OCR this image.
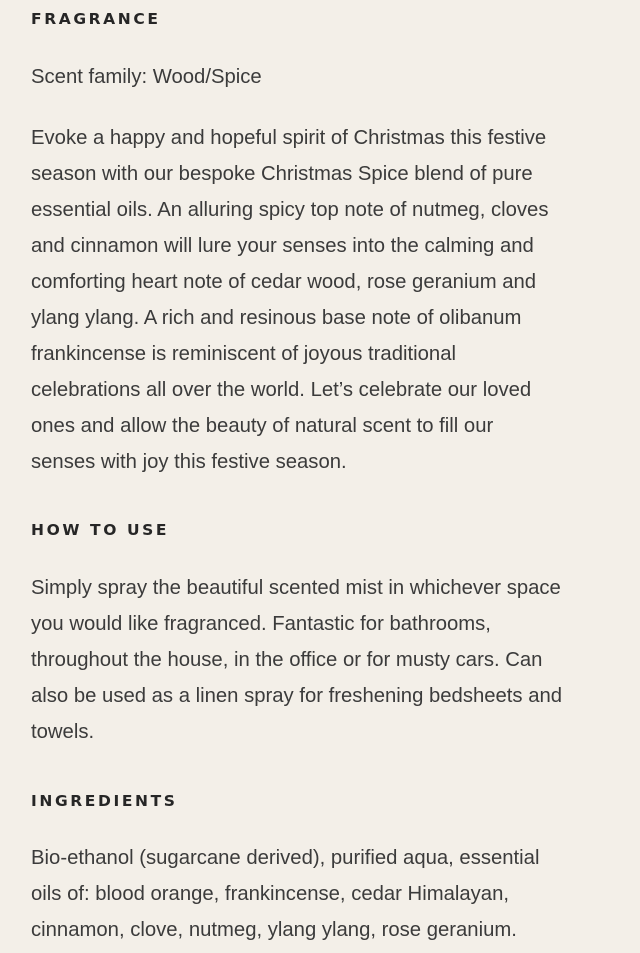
FRAGRANCE

Scent family: Wood/Spice

Evoke a happy and hopeful spirit of Christmas this festive
season with our bespoke Christmas Spice blend of pure
essential oils. An alluring spicy top note of nutmeg, cloves
and cinnamon will lure your senses into the calming and
comforting heart note of cedar wood, rose geranium and
ylang ylang. A rich and resinous base note of olibanum
frankincense is reminiscent of joyous traditional
celebrations all over the world. Let’s celebrate our loved
ones and allow the beauty of natural scent to fill our
senses with joy this festive season.

HOW TO USE

Simply spray the beautiful scented mist in whichever space
you would like fragranced. Fantastic for bathrooms,
throughout the house, in the office or for musty cars. Can
also be used as a linen spray for freshening bedsheets and
towels.

INGREDIENTS

Bio-ethanol (sugarcane derived), purified aqua, essential
oils of: blood orange, frankincense, cedar Himalayan,
cinnamon, clove, nutmeg, ylang ylang, rose geranium.
